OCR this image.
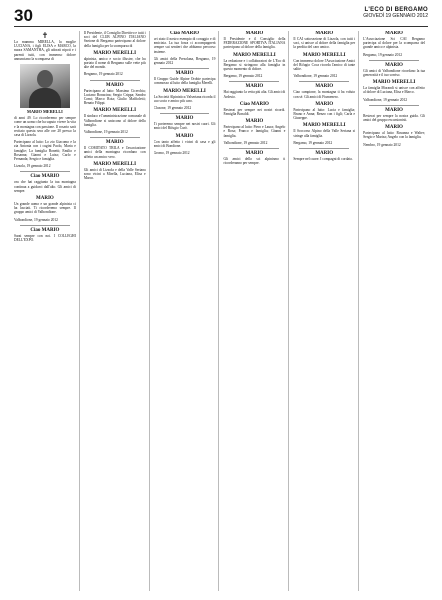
30	L'ECO DI BERGAMO
GIOVEDÌ 19 GENNAIO 2012
✝
La mamma MIRELLA, la moglie LUCIANA, i figli ELISA e MARCO, la nuora SAMANTHA, gli adorati nipoti e i parenti tutti, con immenso dolore annunciano la scomparsa di
MARIO MERELLI
di anni 49. Lo ricorderemo per sempre come un uomo che ha saputo vivere la vita e la montagna con passione. Il rosario sarà recitato questa sera alle ore 20 presso la casa di Lizzola.
Partecipano al lutto: Lo zio Giacomo e la zia Antonia con i cugini Paolo, Maria e famiglie; La famiglia Bonetti; Emilio e Rosanna; Gianni e Luisa; Carlo e Fernanda; Sergio e famiglia.
Lizzola, 19 gennaio 2012
Ciao MARIO
ora che hai raggiunto la tua montagna continua a guidarci dall'alto. Gli amici di sempre.
MARIO
Un grande uomo e un grande alpinista ci ha lasciati. Ti ricorderemo sempre. Il gruppo amici di Valbondione.
Valbondione, 19 gennaio 2012
Ciao MARIO
Sarai sempre con noi. I COLLEGHI DELL'EXPO.
Il Presidente, il Consiglio Direttivo e tutti i soci del CLUB ALPINO ITALIANO Sezione di Bergamo partecipano al dolore della famiglia per la scomparsa di
MARIO MERELLI
alpinista, amico e socio illustre, che ha portato il nome di Bergamo sulle vette più alte del mondo.
Bergamo, 19 gennaio 2012
MARIO
Partecipano al lutto: Massimo Cicerchia; Luciano Bonacina; Sergio Crippa; Sandro Comi; Marco Rota; Giulio Maffioletti; Renato Filippi.
MARIO MERELLI
Il sindaco e l'amministrazione comunale di Valbondione si uniscono al dolore della famiglia.
Valbondione, 19 gennaio 2012
MARIO
Il COMITATO TRILA e l'associazione amici della montagna ricordano con affetto un amico vero.
MARIO MERELLI
Gli amici di Lizzola e della Valle Seriana sono vicini a Mirella, Luciana, Elisa e Marco.
Ciao MARIO
sei stato il nostro esempio di coraggio e di amicizia. La tua forza ci accompagnerà sempre sui sentieri che abbiamo percorso insieme.
Gli amici della Presolana, Bergamo, 19 gennaio 2012
MARIO
Il Gruppo Guide Alpine Orobie partecipa commosso al lutto della famiglia Merelli.
MARIO MERELLI
La Società Alpinistica Valseriana ricorda il suo socio e amico più caro.
Clusone, 19 gennaio 2012
MARIO
Ti porteremo sempre nei nostri cuori. Gli amici del Rifugio Curò.
MARIO
Con tanto affetto i vicini di casa e gli amici di Bondione.
Gromo, 19 gennaio 2012
MARIO
Il Presidente e il Consiglio della FEDERAZIONE SPORTIVA ITALIANA partecipano al dolore della famiglia.
MARIO MERELLI
La redazione e i collaboratori de L'Eco di Bergamo si stringono alla famiglia in questo momento di dolore.
Bergamo, 19 gennaio 2012
MARIO
Hai raggiunto la vetta più alta. Gli amici di Ardesio.
Ciao MARIO
Resterai per sempre nei nostri ricordi. Famiglia Bonaldi.
MARIO
Partecipano al lutto: Piero e Laura; Angelo e Rosa; Franco e famiglia; Gianni e famiglia.
Valbondione, 19 gennaio 2012
MARIO
Gli amici dello sci alpinismo ti ricorderanno per sempre.
MARIO
Il CAI sottosezione di Lizzola, con tutti i soci, si unisce al dolore della famiglia per la perdita del caro amico.
MARIO MERELLI
Con immenso dolore l'Associazione Amici del Rifugio Coca ricorda l'amico di tante salite.
Valbondione, 19 gennaio 2012
MARIO
Ciao campione, la montagna ti ha voluto con sé. Gli amici di Fiumenero.
MARIO
Partecipano al lutto: Lucia e famiglia; Bruno e Anna; Renzo con i figli; Carla e Giuseppe.
MARIO MERELLI
Il Soccorso Alpino della Valle Seriana si stringe alla famiglia.
Bergamo, 19 gennaio 2012
MARIO
Sempre nel cuore. I compagni di cordata.
MARIO
L'Associazione Sci CAI Bergamo partecipa al dolore per la scomparsa del grande amico e alpinista.
Bergamo, 19 gennaio 2012
MARIO
Gli amici di Valbondione ricordano la tua generosità e il tuo sorriso.
MARIO MERELLI
La famiglia Morandi si unisce con affetto al dolore di Luciana, Elisa e Marco.
Valbondione, 19 gennaio 2012
MARIO
Resterai per sempre la nostra guida. Gli amici del gruppo escursionisti.
MARIO
Partecipano al lutto: Rosanna e Walter; Sergio e Marisa; Angelo con la famiglia.
Nembro, 19 gennaio 2012
